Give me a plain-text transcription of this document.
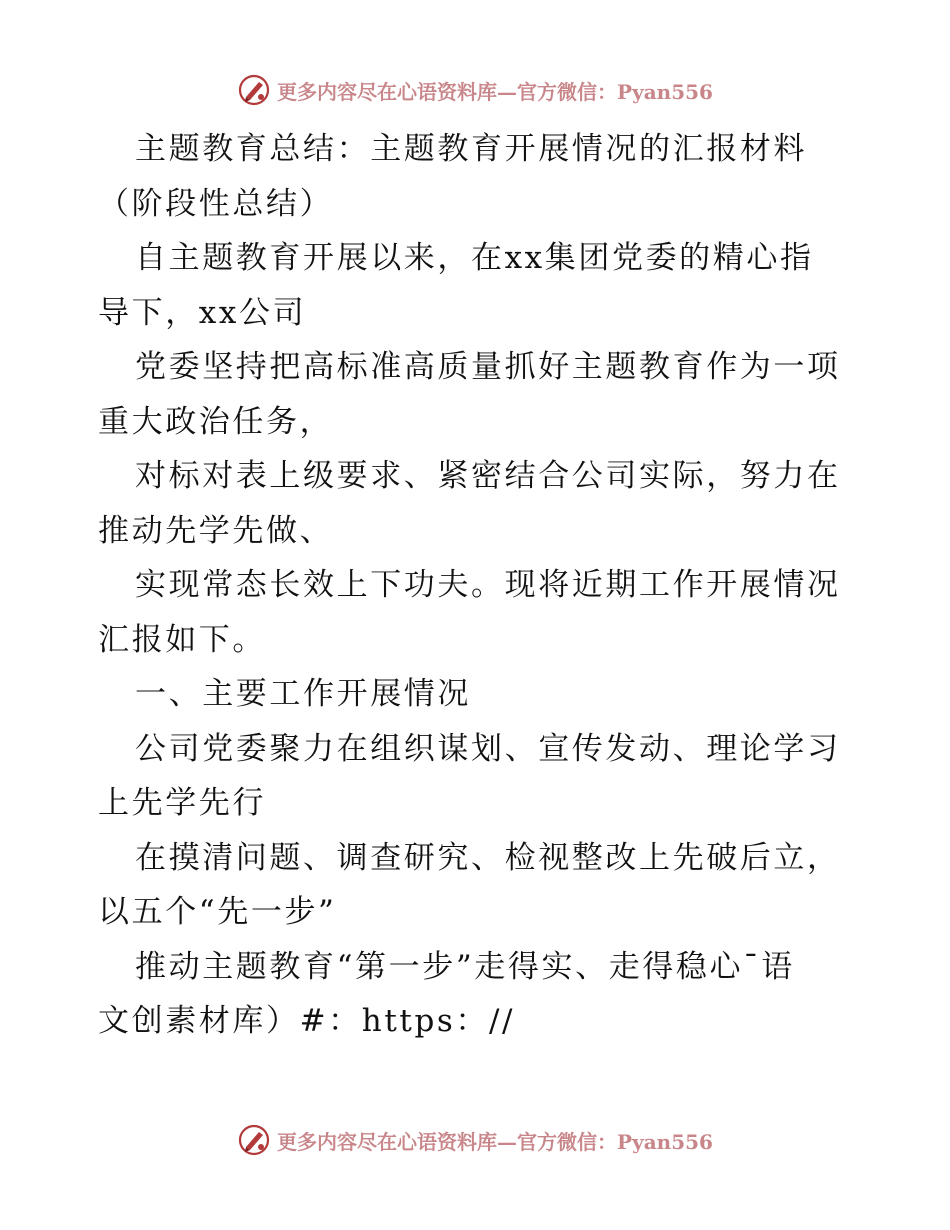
更多内容尽在心语资料库—官方微信：Pyan556
主题教育总结：主题教育开展情况的汇报材料
（阶段性总结）
自主题教育开展以来，在xx集团党委的精心指
导下，xx公司
党委坚持把高标准高质量抓好主题教育作为一项
重大政治任务，
对标对表上级要求、紧密结合公司实际，努力在
推动先学先做、
实现常态长效上下功夫。现将近期工作开展情况
汇报如下。
一、主要工作开展情况
公司党委聚力在组织谋划、宣传发动、理论学习
上先学先行
在摸清问题、调查研究、检视整改上先破后立，
以五个“先一步”
推动主题教育“第一步”走得实、走得稳心¯语
文创素材库）#：https：//
更多内容尽在心语资料库—官方微信：Pyan556
